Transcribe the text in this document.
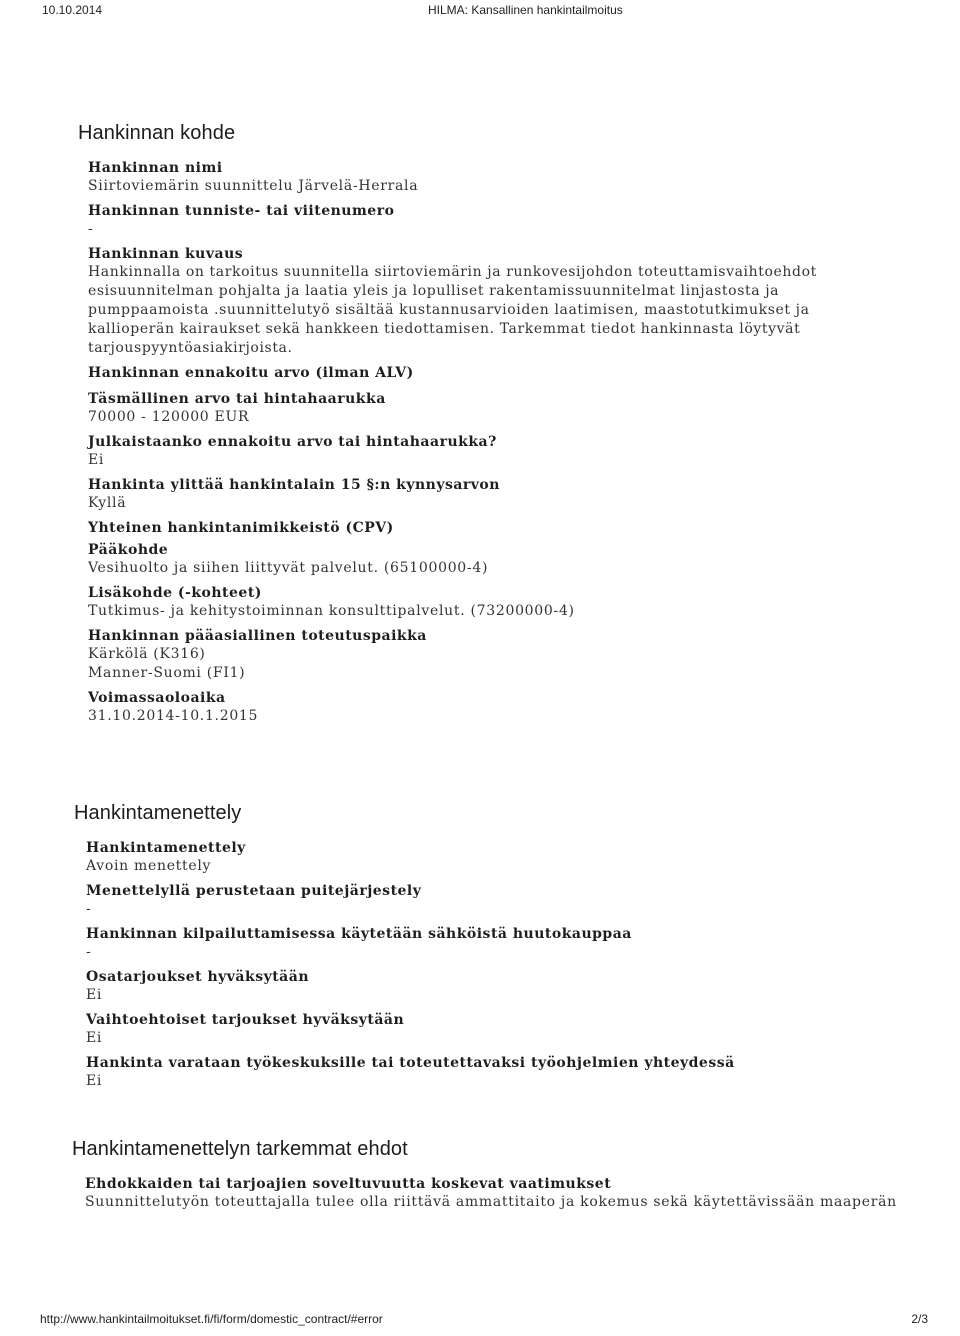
10.10.2014	HILMA: Kansallinen hankintailmoitus
Hankinnan kohde
Hankinnan nimi
Siirtoviemärin suunnittelu Järvelä-Herrala
Hankinnan tunniste- tai viitenumero
-
Hankinnan kuvaus
Hankinnalla on tarkoitus suunnitella siirtoviemärin ja runkovesijohdon toteuttamisvaihtoehdot
esisuunnitelman pohjalta ja laatia yleis ja lopulliset rakentamissuunnitelmat linjastosta ja
pumppaamoista .suunnittelutyö sisältää kustannusarvioiden laatimisen, maastotutkimukset ja
kallioperän kairaukset sekä hankkeen tiedottamisen. Tarkemmat tiedot hankinnasta löytyvät
tarjouspyyntöasiakirjoista.
Hankinnan ennakoitu arvo (ilman ALV)
Täsmällinen arvo tai hintahaarukka
70000 - 120000 EUR
Julkaistaanko ennakoitu arvo tai hintahaarukka?
Ei
Hankinta ylittää hankintalain 15 §:n kynnysarvon
Kyllä
Yhteinen hankintanimikkeistö (CPV)
Pääkohde
Vesihuolto ja siihen liittyvät palvelut. (65100000-4)
Lisäkohde (-kohteet)
Tutkimus- ja kehitystoiminnan konsulttipalvelut. (73200000-4)
Hankinnan pääasiallinen toteutuspaikka
Kärkölä (K316)
Manner-Suomi (FI1)
Voimassaoloaika
31.10.2014-10.1.2015
Hankintamenettely
Hankintamenettely
Avoin menettely
Menettelyllä perustetaan puitejärjestely
-
Hankinnan kilpailuttamisessa käytetään sähköistä huutokauppaa
-
Osatarjoukset hyväksytään
Ei
Vaihtoehtoiset tarjoukset hyväksytään
Ei
Hankinta varataan työkeskuksille tai toteutettavaksi työohjelmien yhteydessä
Ei
Hankintamenettelyn tarkemmat ehdot
Ehdokkaiden tai tarjoajien soveltuvuutta koskevat vaatimukset
Suunnittelutyön toteuttajalla tulee olla riittävä ammattitaito ja kokemus sekä käytettävissään maaperän
http://www.hankintailmoitukset.fi/fi/form/domestic_contract/#error	2/3
